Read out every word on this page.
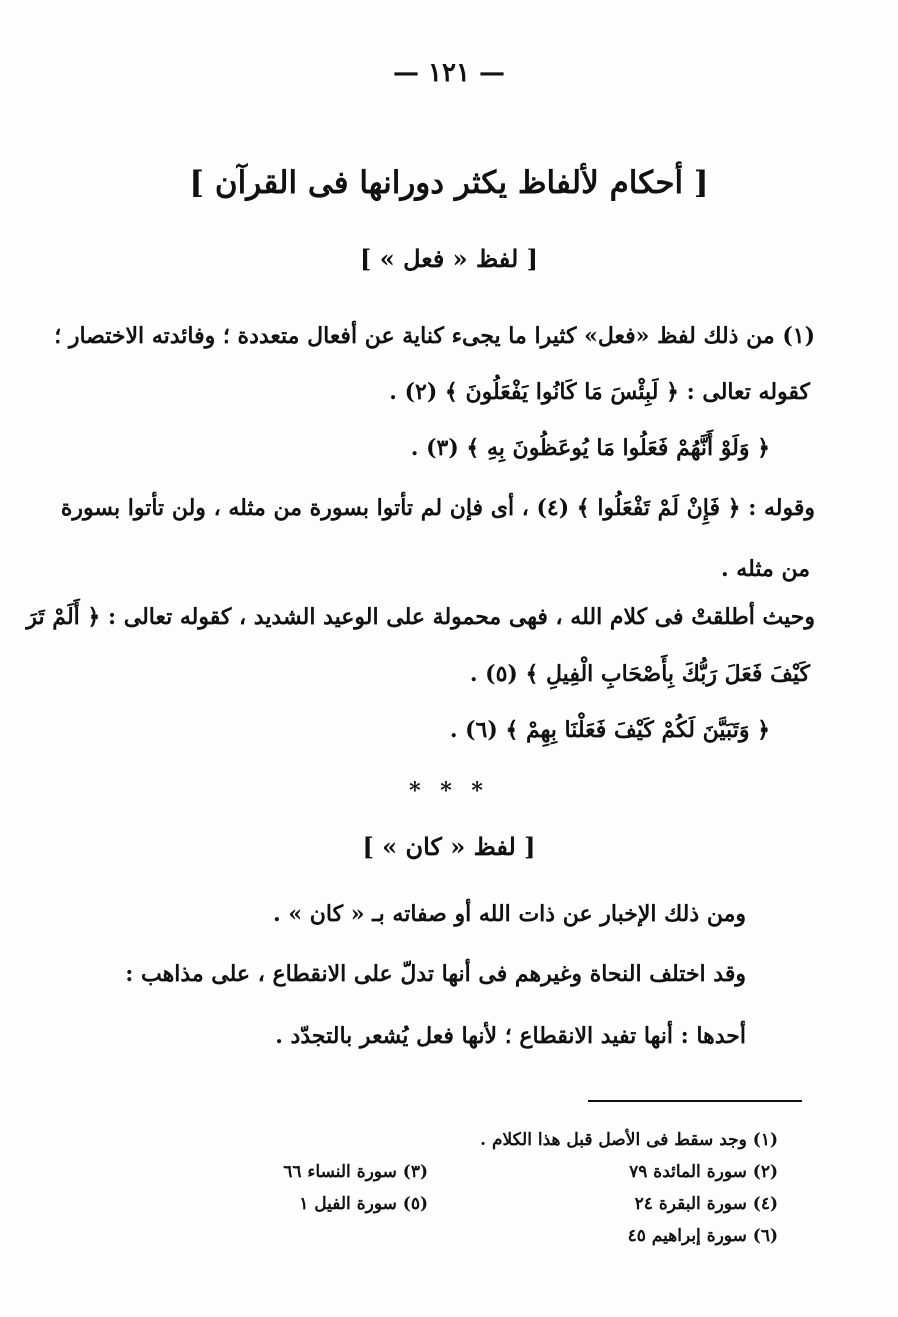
— ١٢١ —
[ أحكام لألفاظ يكثر دورانها فى القرآن ]
[ لفظ « فعل » ]
(١) من ذلك لفظ «فعل» كثيرا ما يجىء كناية عن أفعال متعددة ؛ وفائدته الاختصار ؛
كقوله تعالى : ﴿ لَبِئْسَ مَا كَانُوا يَفْعَلُونَ ﴾ (٢) .
﴿ وَلَوْ أَنَّهُمْ فَعَلُوا مَا يُوعَظُونَ بِهِ ﴾ (٣) .
وقوله : ﴿ فَإِنْ لَمْ تَفْعَلُوا ﴾ (٤) ، أى فإن لم تأتوا بسورة من مثله ، ولن تأتوا بسورة
من مثله .
وحيث أطلقتْ فى كلام الله ، فهى محمولة على الوعيد الشديد ، كقوله تعالى : ﴿ أَلَمْ تَرَ
كَيْفَ فَعَلَ رَبُّكَ بِأَصْحَابِ الْفِيلِ ﴾ (٥) .
﴿ وَتَبَيَّنَ لَكُمْ كَيْفَ فَعَلْنَا بِهِمْ ﴾ (٦) .
* * *
[ لفظ « كان » ]
ومن ذلك الإخبار عن ذات الله أو صفاته بـ « كان » .
وقد اختلف النحاة وغيرهم فى أنها تدلّ على الانقطاع ، على مذاهب :
أحدها : أنها تفيد الانقطاع ؛ لأنها فعل يُشعر بالتجدّد .
(١) وجد سقط فى الأصل قبل هذا الكلام .
(٢) سورة المائدة ٧٩
(٣) سورة النساء ٦٦
(٤) سورة البقرة ٢٤
(٥) سورة الفيل ١
(٦) سورة إبراهيم ٤٥
